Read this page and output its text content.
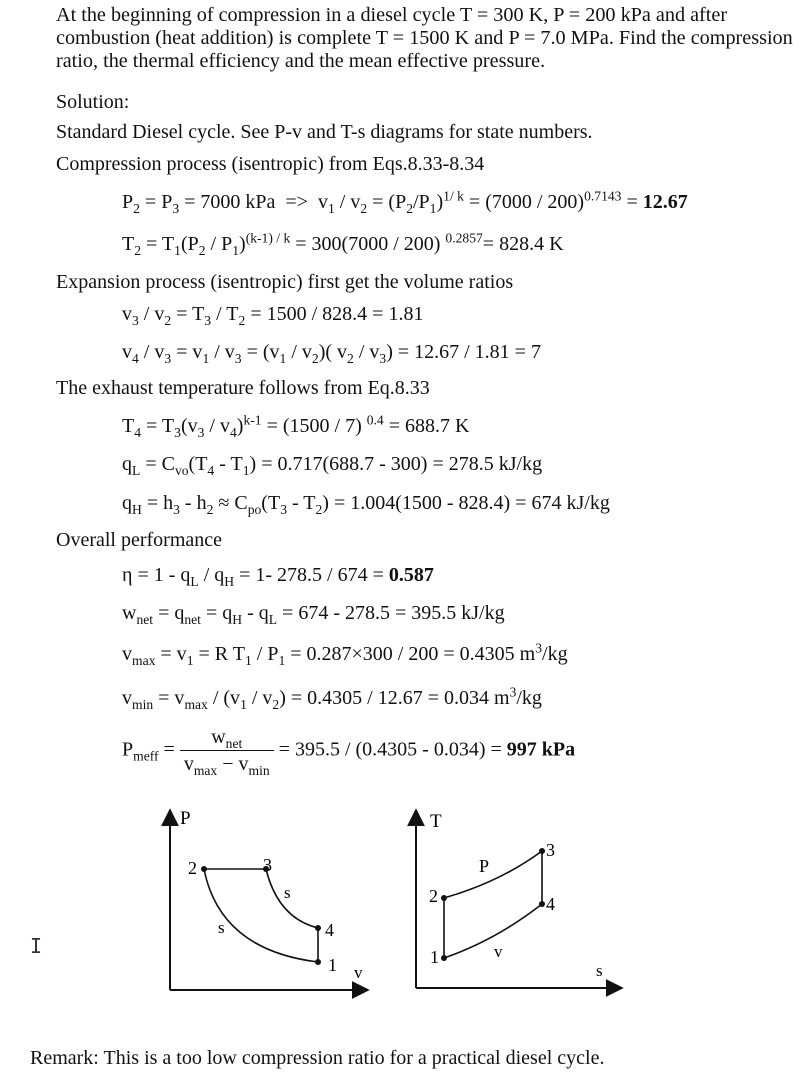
At the beginning of compression in a diesel cycle T = 300 K, P = 200 kPa and after combustion (heat addition) is complete T = 1500 K and P = 7.0 MPa. Find the compression ratio, the thermal efficiency and the mean effective pressure.
Solution:
Standard Diesel cycle. See P-v and T-s diagrams for state numbers.
Compression process (isentropic) from Eqs.8.33-8.34
$P_2 = P_3 = 7000$ kPa  =>  $v_1 / v_2 = (P_2/P_1)^{1/ k} = (7000 / 200)^{0.7143} = 12.67$
$T_2 = T_1(P_2 / P_1)^{(k-1) / k} = 300(7000 / 200)$ $^{0.2857}$= 828.4 K
Expansion process (isentropic) first get the volume ratios
$v_3 / v_2 = T_3 / T_2 = 1500 / 828.4 = 1.81$
$v_4 / v_3 = v_1 / v_3 = (v_1 / v_2)$( $v_2 / v_3) = 12.67 / 1.81 = 7$
The exhaust temperature follows from Eq.8.33
$T_4 = T_3(v_3 / v_4)^{k-1} = (1500 / 7) ^{0.4} = 688.7$ K
$q_L = C_{vo}(T_4 - T_1) = 0.717(688.7 - 300) = 278.5$ kJ/kg
$q_H = h_3 - h_2 \approx C_{po}(T_3 - T_2) = 1.004(1500 - 828.4) = 674$ kJ/kg
Overall performance
$\eta = 1 - q_L / q_H = 1-$ 278.5 / 674 = 0.587
$w_{net} = q_{net} = q_H - q_L = 674 - 278.5 = 395.5$ kJ/kg
$v_{max} = v_1 = R$ $T_1 / P_1 = 0.287\times 300 / 200 = 0.4305$ $m^3/kg$
$v_{min} = v_{max} / (v_1 / v_2) = 0.4305 / 12.67 = 0.034$ $m^3/kg$
$P_{meff} = \frac{w_{net}}{v_{max} - v_{min}} = 395.5 / (0.4305 - 0.034) = 997$ kPa
P
v
2	3
4
1
s
s
T
s
3
2	4
1
P
v
I
Remark: This is a too low compression ratio for a practical diesel cycle.
